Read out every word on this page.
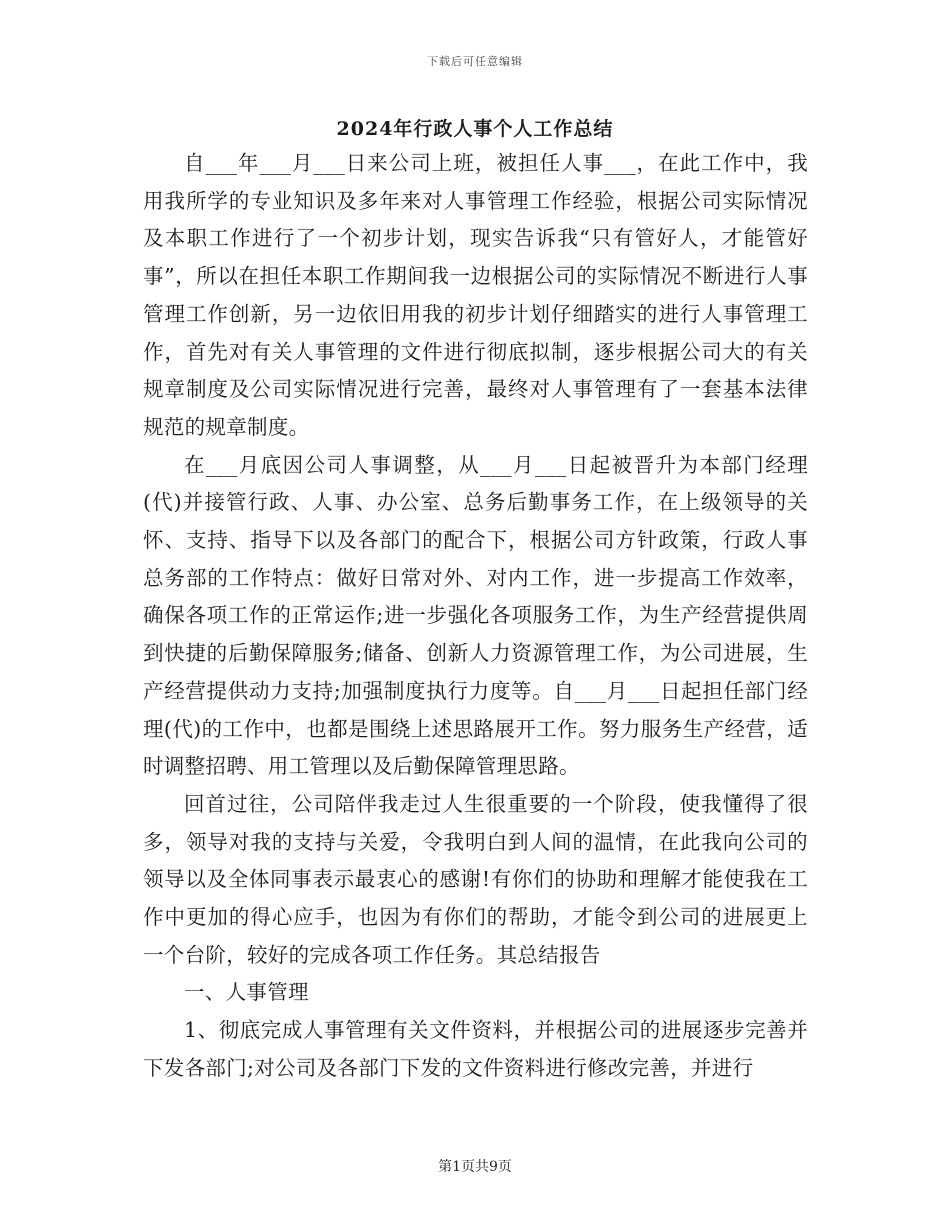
下载后可任意编辑
2024年行政人事个人工作总结

自___年___月___日来公司上班，被担任人事___，在此工作中，我用我所学的专业知识及多年来对人事管理工作经验，根据公司实际情况及本职工作进行了一个初步计划，现实告诉我“只有管好人，才能管好事”，所以在担任本职工作期间我一边根据公司的实际情况不断进行人事管理工作创新，另一边依旧用我的初步计划仔细踏实的进行人事管理工作，首先对有关人事管理的文件进行彻底拟制，逐步根据公司大的有关规章制度及公司实际情况进行完善，最终对人事管理有了一套基本法律规范的规章制度。

在___月底因公司人事调整，从___月___日起被晋升为本部门经理(代)并接管行政、人事、办公室、总务后勤事务工作，在上级领导的关怀、支持、指导下以及各部门的配合下，根据公司方针政策，行政人事总务部的工作特点：做好日常对外、对内工作，进一步提高工作效率，确保各项工作的正常运作;进一步强化各项服务工作，为生产经营提供周到快捷的后勤保障服务;储备、创新人力资源管理工作，为公司进展，生产经营提供动力支持;加强制度执行力度等。自___月___日起担任部门经理(代)的工作中，也都是围绕上述思路展开工作。努力服务生产经营，适时调整招聘、用工管理以及后勤保障管理思路。

回首过往，公司陪伴我走过人生很重要的一个阶段，使我懂得了很多，领导对我的支持与关爱，令我明白到人间的温情，在此我向公司的领导以及全体同事表示最衷心的感谢!有你们的协助和理解才能使我在工作中更加的得心应手，也因为有你们的帮助，才能令到公司的进展更上一个台阶，较好的完成各项工作任务。其总结报告

一、人事管理

1、彻底完成人事管理有关文件资料，并根据公司的进展逐步完善并下发各部门;对公司及各部门下发的文件资料进行修改完善，并进行

第1页共9页
